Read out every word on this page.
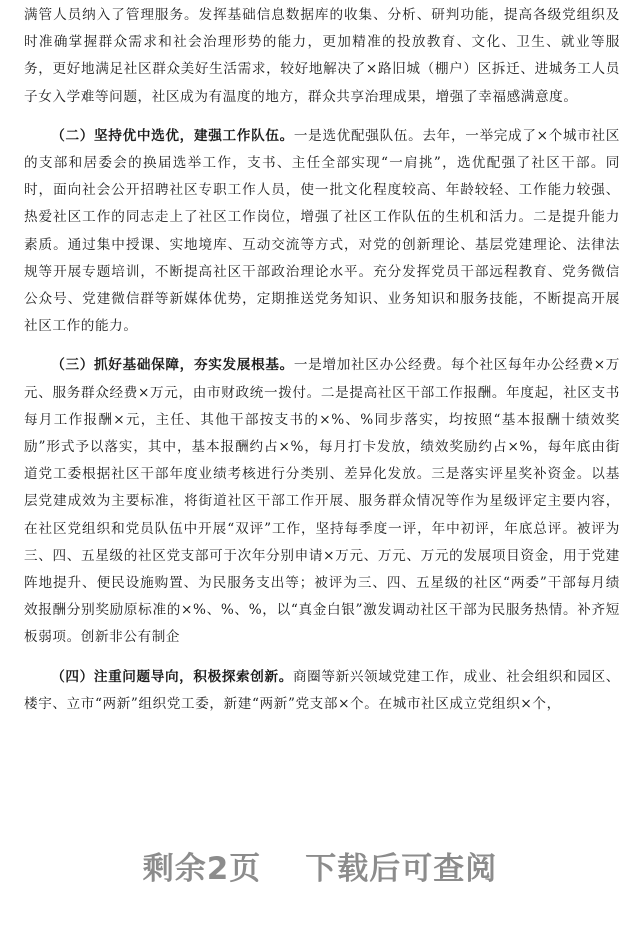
满管人员纳入了管理服务。发挥基础信息数据库的收集、分析、研判功能，提高各级党组织及时准确掌握群众需求和社会治理形势的能力，更加精准的投放教育、文化、卫生、就业等服务，更好地满足社区群众美好生活需求，较好地解决了×路旧城（棚户）区拆迁、进城务工人员子女入学难等问题，社区成为有温度的地方，群众共享治理成果，增强了幸福感满意度。

（二）坚持优中选优，建强工作队伍。一是选优配强队伍。去年，一举完成了×个城市社区的支部和居委会的换届选举工作，支书、主任全部实现“一肩挑”，选优配强了社区干部。同时，面向社会公开招聘社区专职工作人员，使一批文化程度较高、年龄较轻、工作能力较强、热爱社区工作的同志走上了社区工作岗位，增强了社区工作队伍的生机和活力。二是提升能力素质。通过集中授课、实地境库、互动交流等方式，对党的创新理论、基层党建理论、法律法规等开展专题培训，不断提高社区干部政治理论水平。充分发挥党员干部远程教育、党务微信公众号、党建微信群等新媒体优势，定期推送党务知识、业务知识和服务技能，不断提高开展社区工作的能力。

（三）抓好基础保障，夯实发展根基。一是增加社区办公经费。每个社区每年办公经费×万元、服务群众经费×万元，由市财政统一拨付。二是提高社区干部工作报酬。年度起，社区支书每月工作报酬×元，主任、其他干部按支书的×%、%同步落实，均按照“基本报酬十绩效奖励”形式予以落实，其中，基本报酬约占×%，每月打卡发放，绩效奖励约占×%，每年底由街道党工委根据社区干部年度业绩考核进行分类别、差异化发放。三是落实评星奖补资金。以基层党建成效为主要标准，将街道社区干部工作开展、服务群众情况等作为星级评定主要内容，在社区党组织和党员队伍中开展“双评”工作，坚持每季度一评，年中初评，年底总评。被评为三、四、五星级的社区党支部可于次年分别申请×万元、万元、万元的发展项目资金，用于党建阵地提升、便民设施购置、为民服务支出等；被评为三、四、五星级的社区“两委”干部每月绩效报酬分别奖励原标准的×%、%、%，以“真金白银”激发调动社区干部为民服务热情。补齐短板弱项。创新非公有制企

（四）注重问题导向，积极探索创新。商圈等新兴领域党建工作，成业、社会组织和园区、楼宇、立市“两新”组织党工委，新建“两新”党支部×个。在城市社区成立党组织×个，

剩余2页 下载后可查阅
